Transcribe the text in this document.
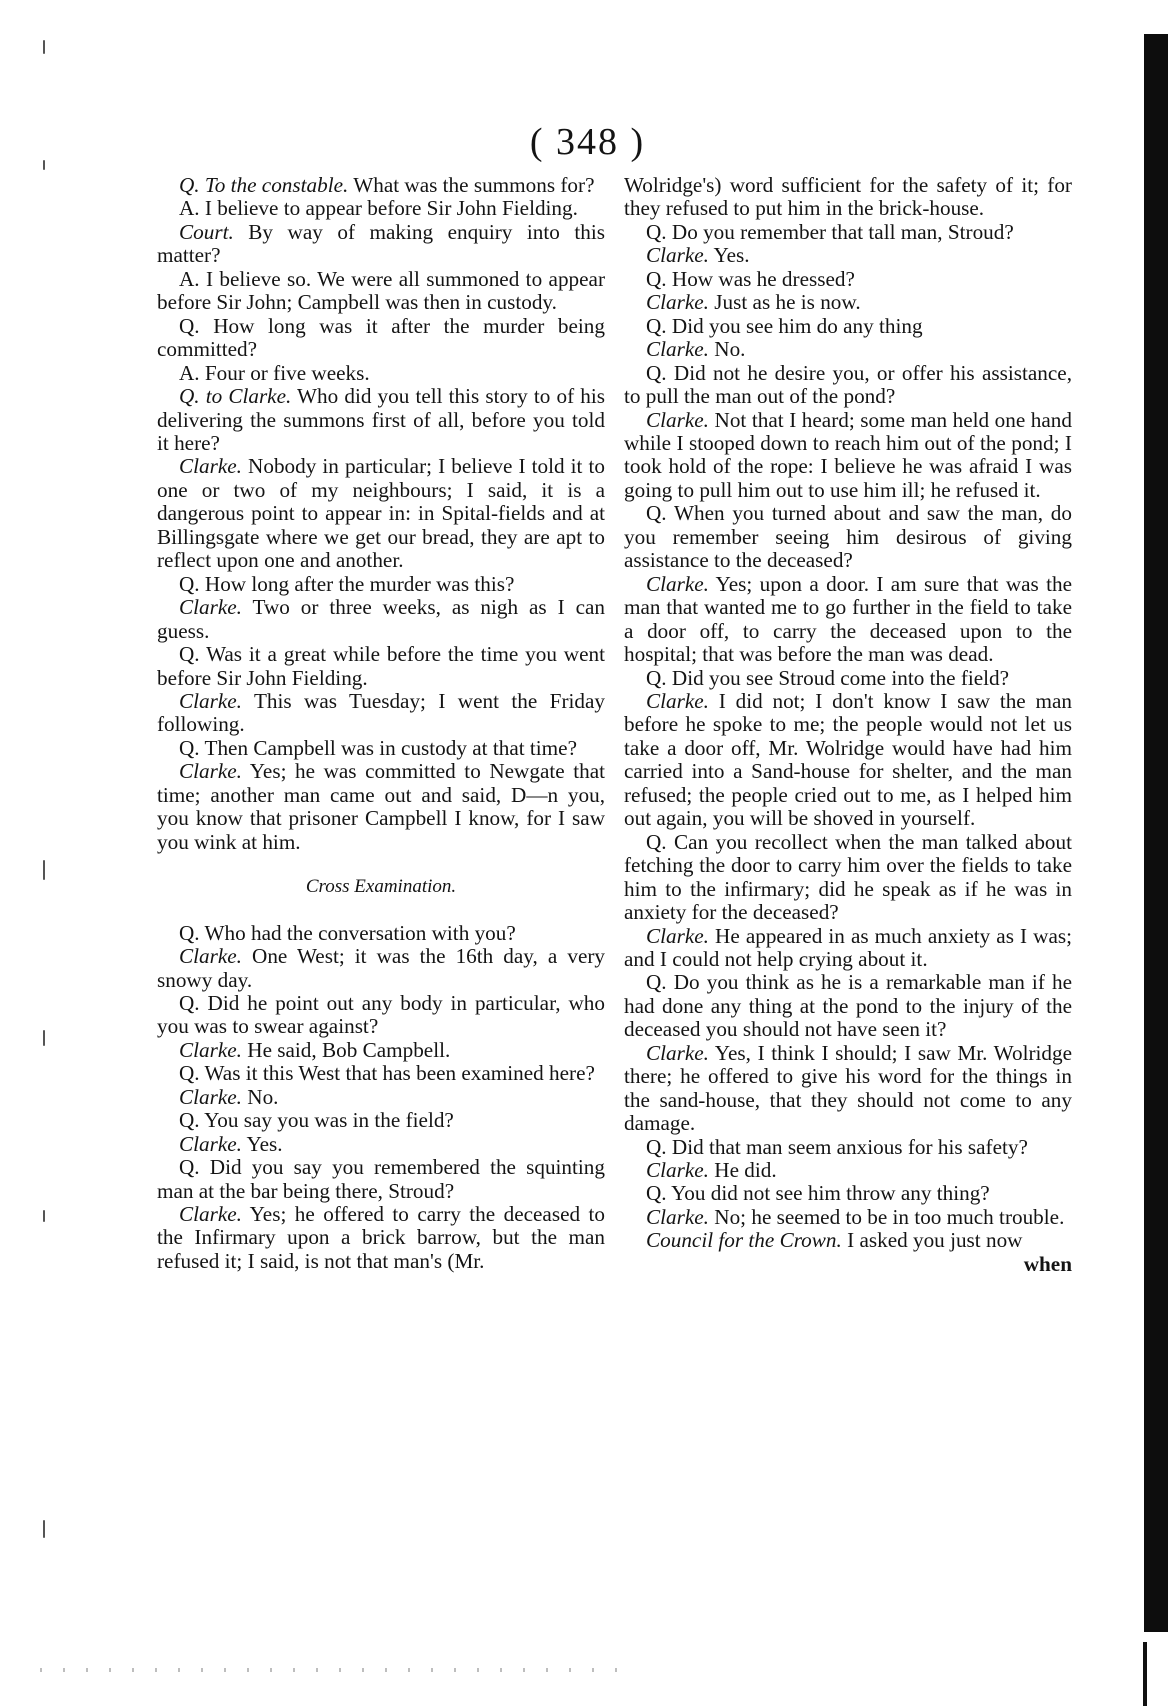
( 348 )

Q. To the constable. What was the summons for?

A. I believe to appear before Sir John Fielding.

Court. By way of making enquiry into this matter?

A. I believe so. We were all summoned to appear before Sir John; Campbell was then in custody.

Q. How long was it after the murder being committed?

A. Four or five weeks.

Q. to Clarke. Who did you tell this story to of his delivering the summons first of all, before you told it here?

Clarke. Nobody in particular; I believe I told it to one or two of my neighbours; I said, it is a dangerous point to appear in: in Spital-fields and at Billingsgate where we get our bread, they are apt to reflect upon one and another.

Q. How long after the murder was this?

Clarke. Two or three weeks, as nigh as I can guess.

Q. Was it a great while before the time you went before Sir John Fielding.

Clarke. This was Tuesday; I went the Friday following.

Q. Then Campbell was in custody at that time?

Clarke. Yes; he was committed to Newgate that time; another man came out and said, D—n you, you know that prisoner Campbell I know, for I saw you wink at him.

Cross Examination.

Q. Who had the conversation with you?

Clarke. One West; it was the 16th day, a very snowy day.

Q. Did he point out any body in particular, who you was to swear against?

Clarke. He said, Bob Campbell.

Q. Was it this West that has been examined here?

Clarke. No.

Q. You say you was in the field?

Clarke. Yes.

Q. Did you say you remembered the squinting man at the bar being there, Stroud?

Clarke. Yes; he offered to carry the deceased to the Infirmary upon a brick barrow, but the man refused it; I said, is not that man's (Mr.

Wolridge's) word sufficient for the safety of it; for they refused to put him in the brick-house.

Q. Do you remember that tall man, Stroud?

Clarke. Yes.

Q. How was he dressed?

Clarke. Just as he is now.

Q. Did you see him do any thing

Clarke. No.

Q. Did not he desire you, or offer his assistance, to pull the man out of the pond?

Clarke. Not that I heard; some man held one hand while I stooped down to reach him out of the pond; I took hold of the rope: I believe he was afraid I was going to pull him out to use him ill; he refused it.

Q. When you turned about and saw the man, do you remember seeing him desirous of giving assistance to the deceased?

Clarke. Yes; upon a door. I am sure that was the man that wanted me to go further in the field to take a door off, to carry the deceased upon to the hospital; that was before the man was dead.

Q. Did you see Stroud come into the field?

Clarke. I did not; I don't know I saw the man before he spoke to me; the people would not let us take a door off, Mr. Wolridge would have had him carried into a Sand-house for shelter, and the man refused; the people cried out to me, as I helped him out again, you will be shoved in yourself.

Q. Can you recollect when the man talked about fetching the door to carry him over the fields to take him to the infirmary; did he speak as if he was in anxiety for the deceased?

Clarke. He appeared in as much anxiety as I was; and I could not help crying about it.

Q. Do you think as he is a remarkable man if he had done any thing at the pond to the injury of the deceased you should not have seen it?

Clarke. Yes, I think I should; I saw Mr. Wolridge there; he offered to give his word for the things in the sand-house, that they should not come to any damage.

Q. Did that man seem anxious for his safety?

Clarke. He did.

Q. You did not see him throw any thing?

Clarke. No; he seemed to be in too much trouble.

Council for the Crown. I asked you just now

when
